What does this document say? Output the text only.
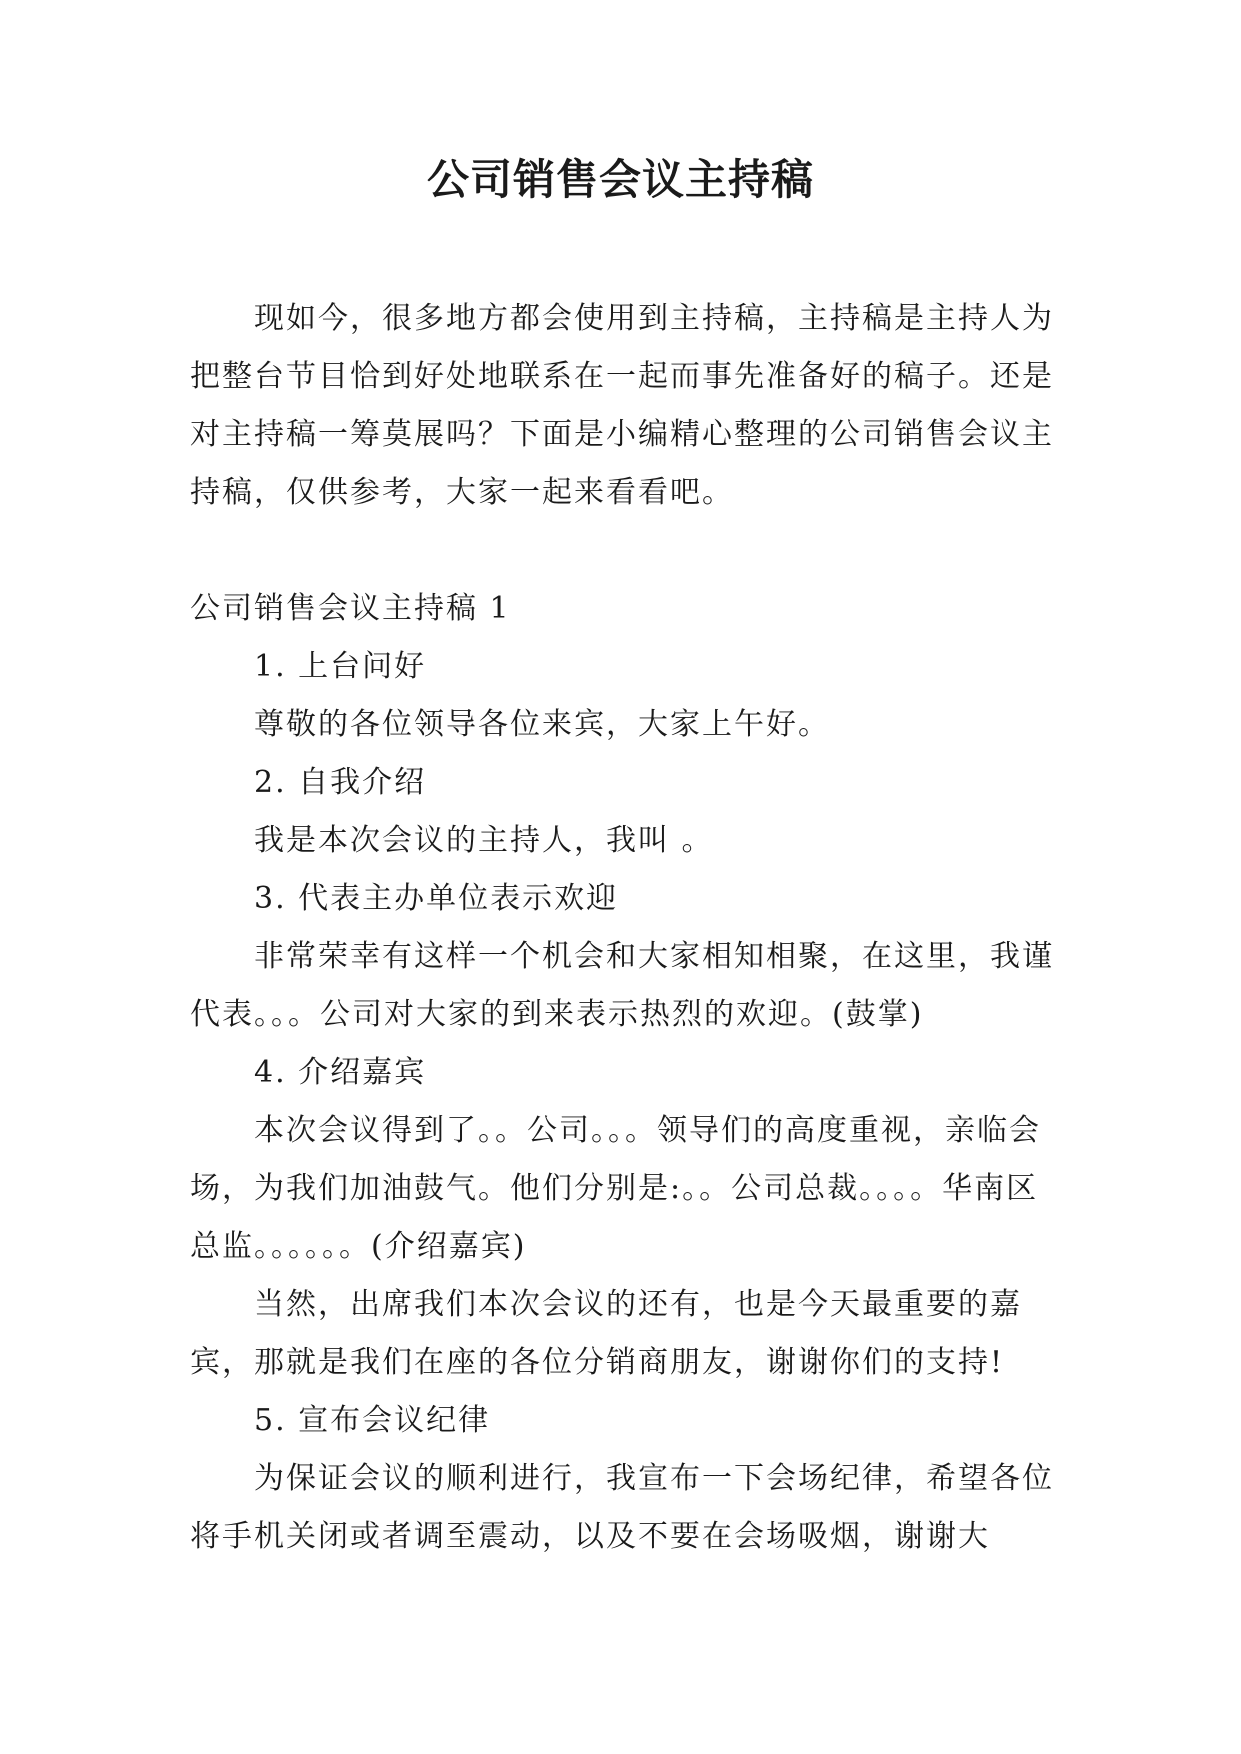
公司销售会议主持稿

现如今，很多地方都会使用到主持稿，主持稿是主持人为把整台节目恰到好处地联系在一起而事先准备好的稿子。还是对主持稿一筹莫展吗？下面是小编精心整理的公司销售会议主持稿，仅供参考，大家一起来看看吧。

公司销售会议主持稿 1

1. 上台问好

尊敬的各位领导各位来宾，大家上午好。

2. 自我介绍

我是本次会议的主持人，我叫 。

3. 代表主办单位表示欢迎

非常荣幸有这样一个机会和大家相知相聚，在这里，我谨代表。。。公司对大家的到来表示热烈的欢迎。(鼓掌)

4. 介绍嘉宾

本次会议得到了。。公司。。。领导们的高度重视，亲临会场，为我们加油鼓气。他们分别是:。。公司总裁。。。。华南区总监。。。。。。(介绍嘉宾)

当然，出席我们本次会议的还有，也是今天最重要的嘉宾，那就是我们在座的各位分销商朋友，谢谢你们的支持!

5. 宣布会议纪律

为保证会议的顺利进行，我宣布一下会场纪律，希望各位将手机关闭或者调至震动，以及不要在会场吸烟，谢谢大
